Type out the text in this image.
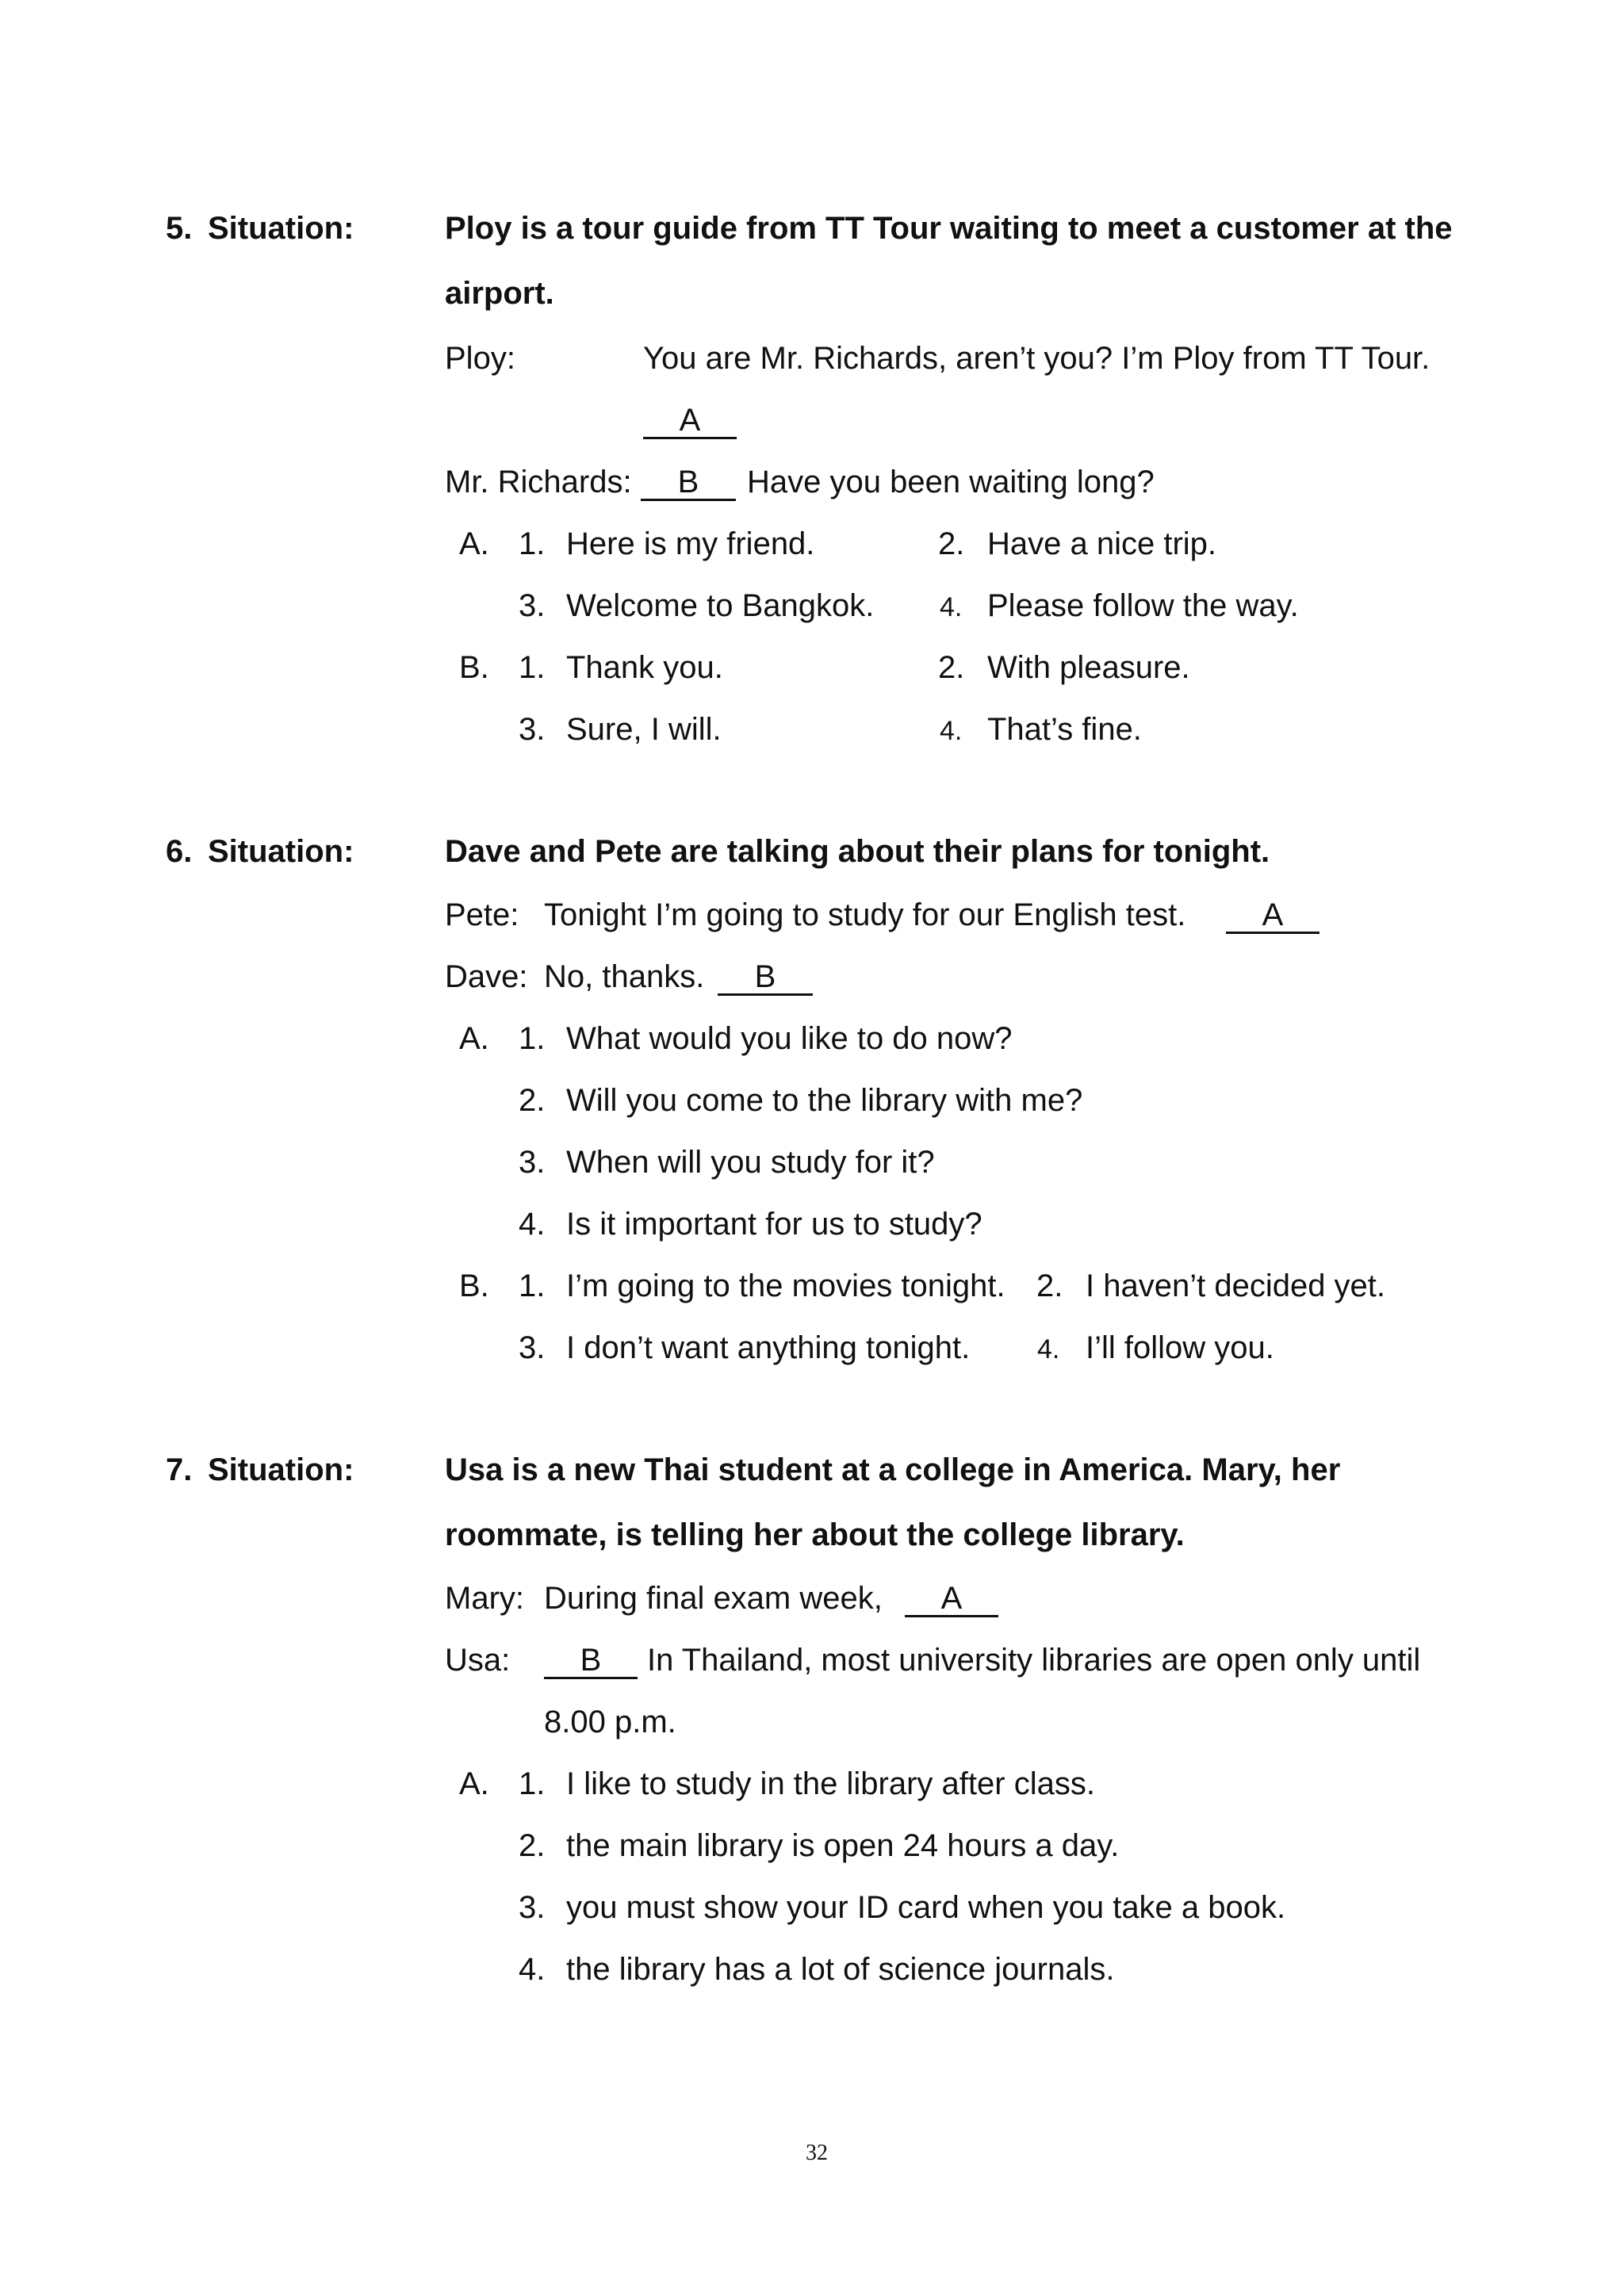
5. Situation:	Ploy is a tour guide from TT Tour waiting to meet a customer at the
airport.
Ploy:	You are Mr. Richards, aren’t you? I’m Ploy from TT Tour.
A
Mr. Richards:	B	Have you been waiting long?
A. 1. Here is my friend.	2. Have a nice trip.
3. Welcome to Bangkok. 4. Please follow the way.
B. 1. Thank you.	2. With pleasure.
3. Sure, I will.	4. That’s fine.
6. Situation:	Dave and Pete are talking about their plans for tonight.
Pete: Tonight I’m going to study for our English test.	A
Dave: No, thanks.	B
A. 1. What would you like to do now?
2. Will you come to the library with me?
3. When will you study for it?
4. Is it important for us to study?
B. 1. I’m going to the movies tonight. 2. I haven’t decided yet.
3. I don’t want anything tonight. 4. I’ll follow you.
7. Situation:	Usa is a new Thai student at a college in America. Mary, her
roommate, is telling her about the college library.
Mary: During final exam week,	A
Usa:	B	In Thailand, most university libraries are open only until
8.00 p.m.
A. 1. I like to study in the library after class.
2. the main library is open 24 hours a day.
3. you must show your ID card when you take a book.
4. the library has a lot of science journals.
32
